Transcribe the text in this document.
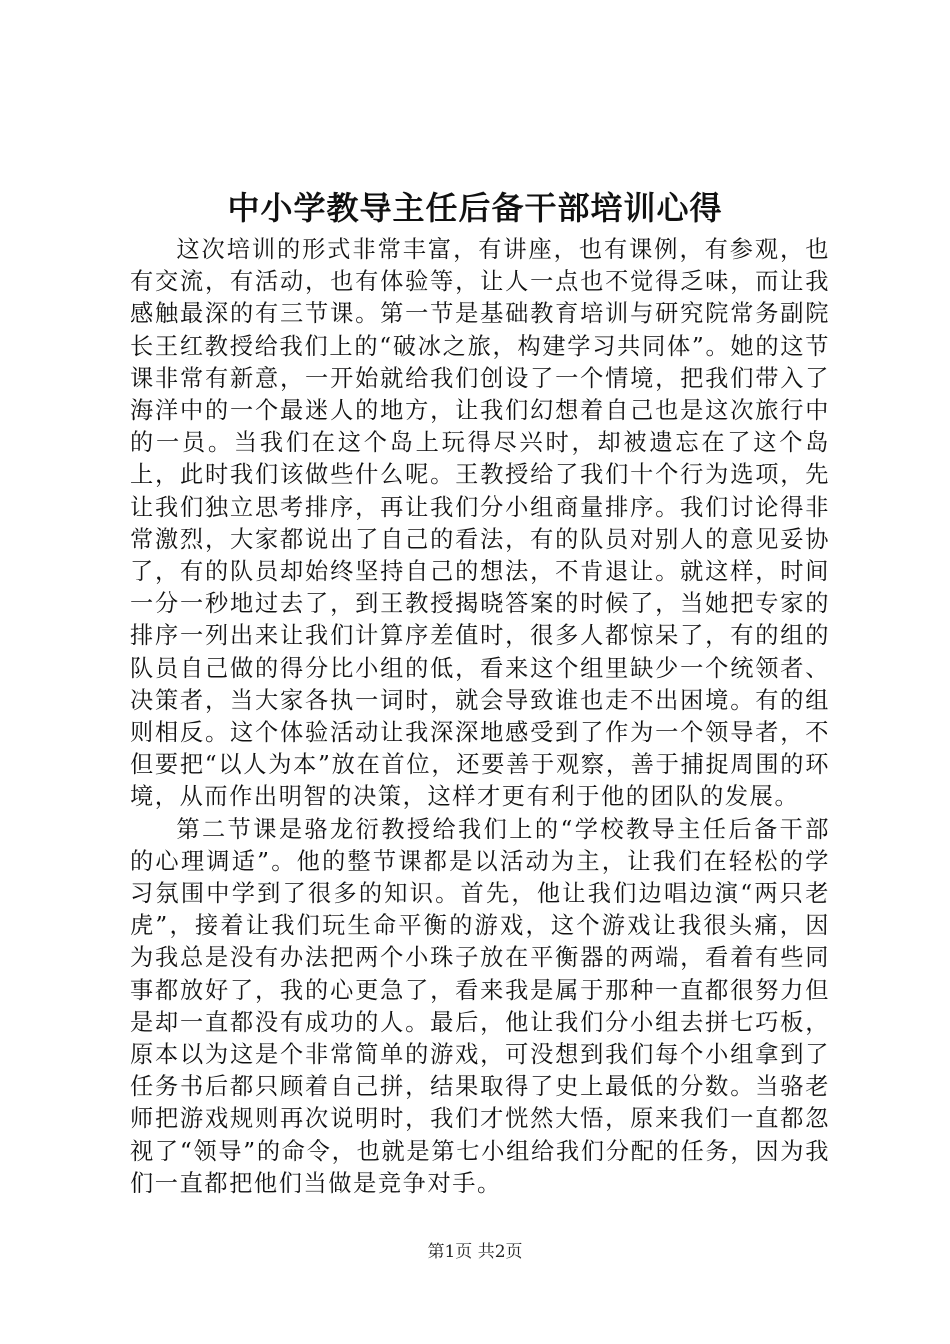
中小学教导主任后备干部培训心得

这次培训的形式非常丰富，有讲座，也有课例，有参观，也有交流，有活动，也有体验等，让人一点也不觉得乏味，而让我感触最深的有三节课。第一节是基础教育培训与研究院常务副院长王红教授给我们上的“破冰之旅，构建学习共同体”。她的这节课非常有新意，一开始就给我们创设了一个情境，把我们带入了海洋中的一个最迷人的地方，让我们幻想着自己也是这次旅行中的一员。当我们在这个岛上玩得尽兴时，却被遗忘在了这个岛上，此时我们该做些什么呢。王教授给了我们十个行为选项，先让我们独立思考排序，再让我们分小组商量排序。我们讨论得非常激烈，大家都说出了自己的看法，有的队员对别人的意见妥协了，有的队员却始终坚持自己的想法，不肯退让。就这样，时间一分一秒地过去了，到王教授揭晓答案的时候了，当她把专家的排序一列出来让我们计算序差值时，很多人都惊呆了，有的组的队员自己做的得分比小组的低，看来这个组里缺少一个统领者、决策者，当大家各执一词时，就会导致谁也走不出困境。有的组则相反。这个体验活动让我深深地感受到了作为一个领导者，不但要把“以人为本”放在首位，还要善于观察，善于捕捉周围的环境，从而作出明智的决策，这样才更有利于他的团队的发展。

第二节课是骆龙衍教授给我们上的“学校教导主任后备干部的心理调适”。他的整节课都是以活动为主，让我们在轻松的学习氛围中学到了很多的知识。首先，他让我们边唱边演“两只老虎”，接着让我们玩生命平衡的游戏，这个游戏让我很头痛，因为我总是没有办法把两个小珠子放在平衡器的两端，看着有些同事都放好了，我的心更急了，看来我是属于那种一直都很努力但是却一直都没有成功的人。最后，他让我们分小组去拼七巧板，原本以为这是个非常简单的游戏，可没想到我们每个小组拿到了任务书后都只顾着自己拼，结果取得了史上最低的分数。当骆老师把游戏规则再次说明时，我们才恍然大悟，原来我们一直都忽视了“领导”的命令，也就是第七小组给我们分配的任务，因为我们一直都把他们当做是竞争对手。

第1页 共2页
